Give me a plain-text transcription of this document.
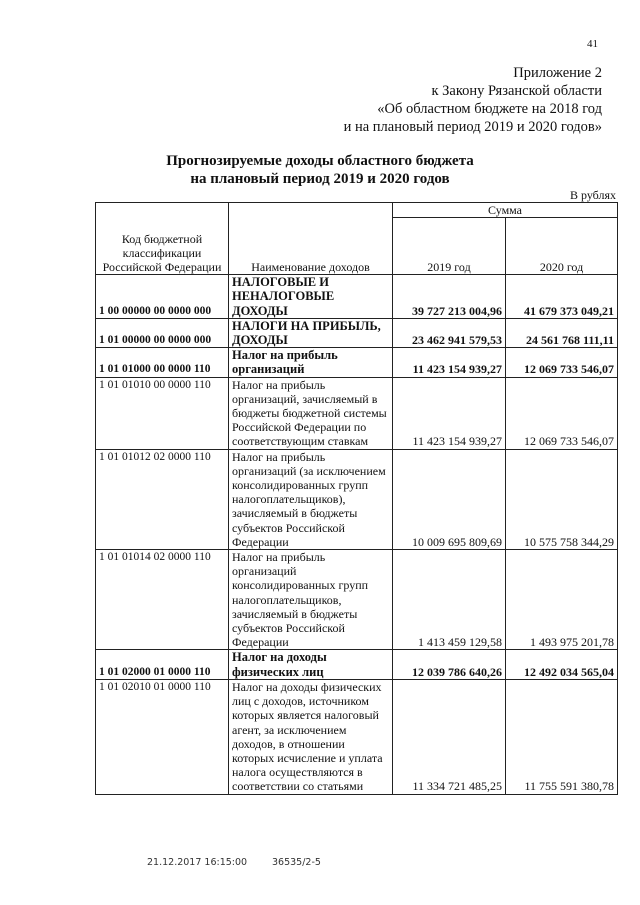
41
Приложение 2
к Закону Рязанской области
«Об областном бюджете на 2018 год
и на плановый период 2019 и 2020 годов»
Прогнозируемые доходы областного бюджета
на плановый период 2019 и 2020 годов
В рублях
Код бюджетной классификации Российской Федерации	Наименование доходов	Сумма	
		2019 год	2020 год
1 00 00000 00 0000 000	НАЛОГОВЫЕ И НЕНАЛОГОВЫЕ ДОХОДЫ	39 727 213 004,96	41 679 373 049,21
1 01 00000 00 0000 000	НАЛОГИ НА ПРИБЫЛЬ, ДОХОДЫ	23 462 941 579,53	24 561 768 111,11
1 01 01000 00 0000 110	Налог на прибыль организаций	11 423 154 939,27	12 069 733 546,07
1 01 01010 00 0000 110	Налог на прибыль организаций, зачисляемый в бюджеты бюджетной системы Российской Федерации по соответствующим ставкам	11 423 154 939,27	12 069 733 546,07
1 01 01012 02 0000 110	Налог на прибыль организаций (за исключением консолидированных групп налогоплательщиков), зачисляемый в бюджеты субъектов Российской Федерации	10 009 695 809,69	10 575 758 344,29
1 01 01014 02 0000 110	Налог на прибыль организаций консолидированных групп налогоплательщиков, зачисляемый в бюджеты субъектов Российской Федерации	1 413 459 129,58	1 493 975 201,78
1 01 02000 01 0000 110	Налог на доходы физических лиц	12 039 786 640,26	12 492 034 565,04
1 01 02010 01 0000 110	Налог на доходы физических лиц с доходов, источником которых является налоговый агент, за исключением доходов, в отношении которых исчисление и уплата налога осуществляются в соответствии со статьями	11 334 721 485,25	11 755 591 380,78
21.12.2017 16:15:00	36535/2-5
